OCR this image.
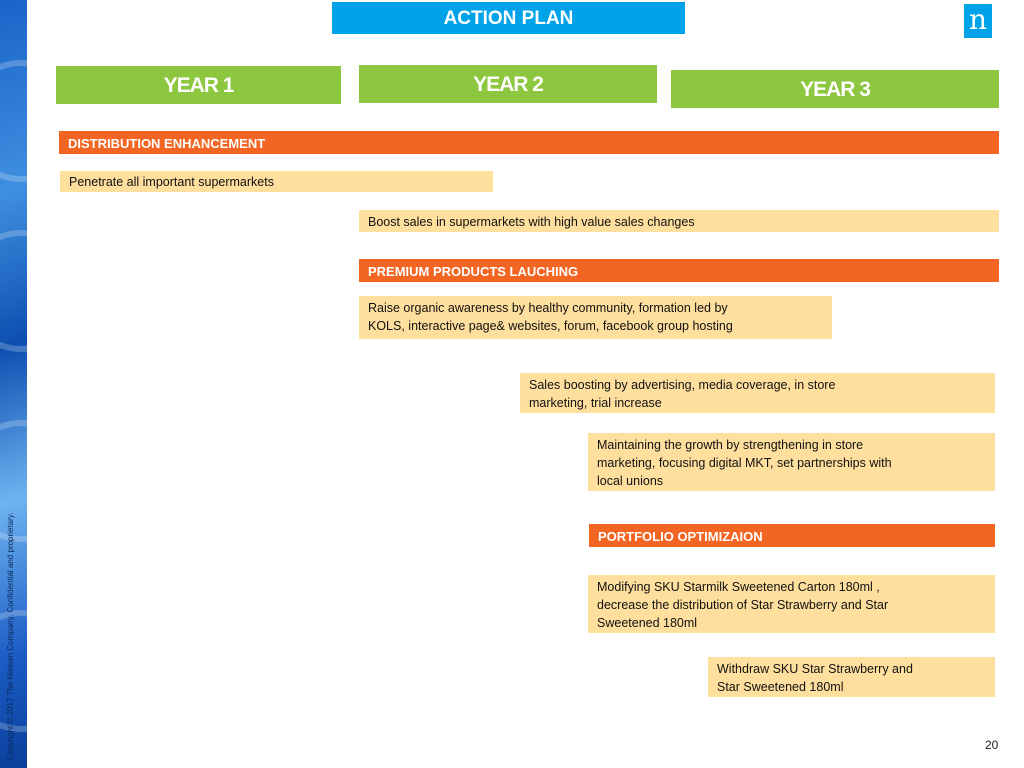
Copyright © 2017 The Nielsen Company. Confidential and proprietary.
ACTION PLAN	n
YEAR 1	YEAR 2	YEAR 3
DISTRIBUTION ENHANCEMENT
Penetrate all important supermarkets
Boost sales in supermarkets with high value sales changes
PREMIUM PRODUCTS LAUCHING
Raise organic awareness by healthy community, formation led by
KOLS, interactive page& websites, forum, facebook group hosting
Sales boosting by advertising, media coverage, in store
marketing, trial increase
Maintaining the growth by strengthening in store
marketing, focusing digital MKT, set partnerships with
local unions
PORTFOLIO OPTIMIZAION
Modifying SKU Starmilk Sweetened Carton 180ml ,
decrease the distribution of Star Strawberry and Star
Sweetened 180ml
Withdraw SKU Star Strawberry and
Star Sweetened 180ml
20
